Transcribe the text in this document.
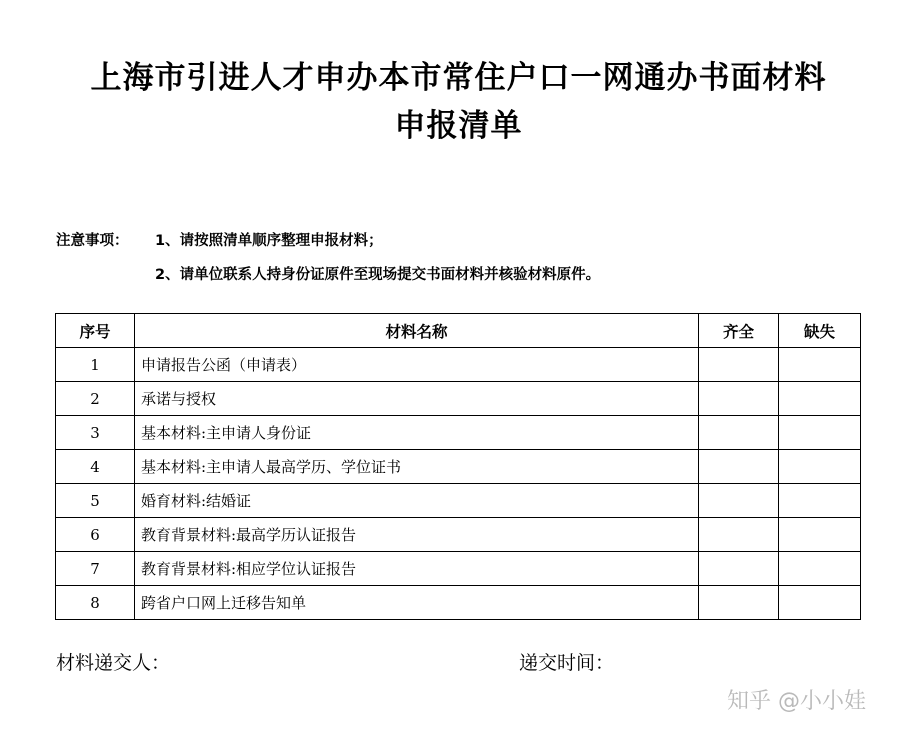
上海市引进人才申办本市常住户口一网通办书面材料
申报清单
注意事项： 1、请按照清单顺序整理申报材料；
2、请单位联系人持身份证原件至现场提交书面材料并核验材料原件。
序号	材料名称	齐全	缺失
1	申请报告公函（申请表）		
2	承诺与授权		
3	基本材料:主申请人身份证		
4	基本材料:主申请人最高学历、学位证书		
5	婚育材料:结婚证		
6	教育背景材料:最高学历认证报告		
7	教育背景材料:相应学位认证报告		
8	跨省户口网上迁移告知单		
材料递交人：	递交时间：
知乎 @小小娃
